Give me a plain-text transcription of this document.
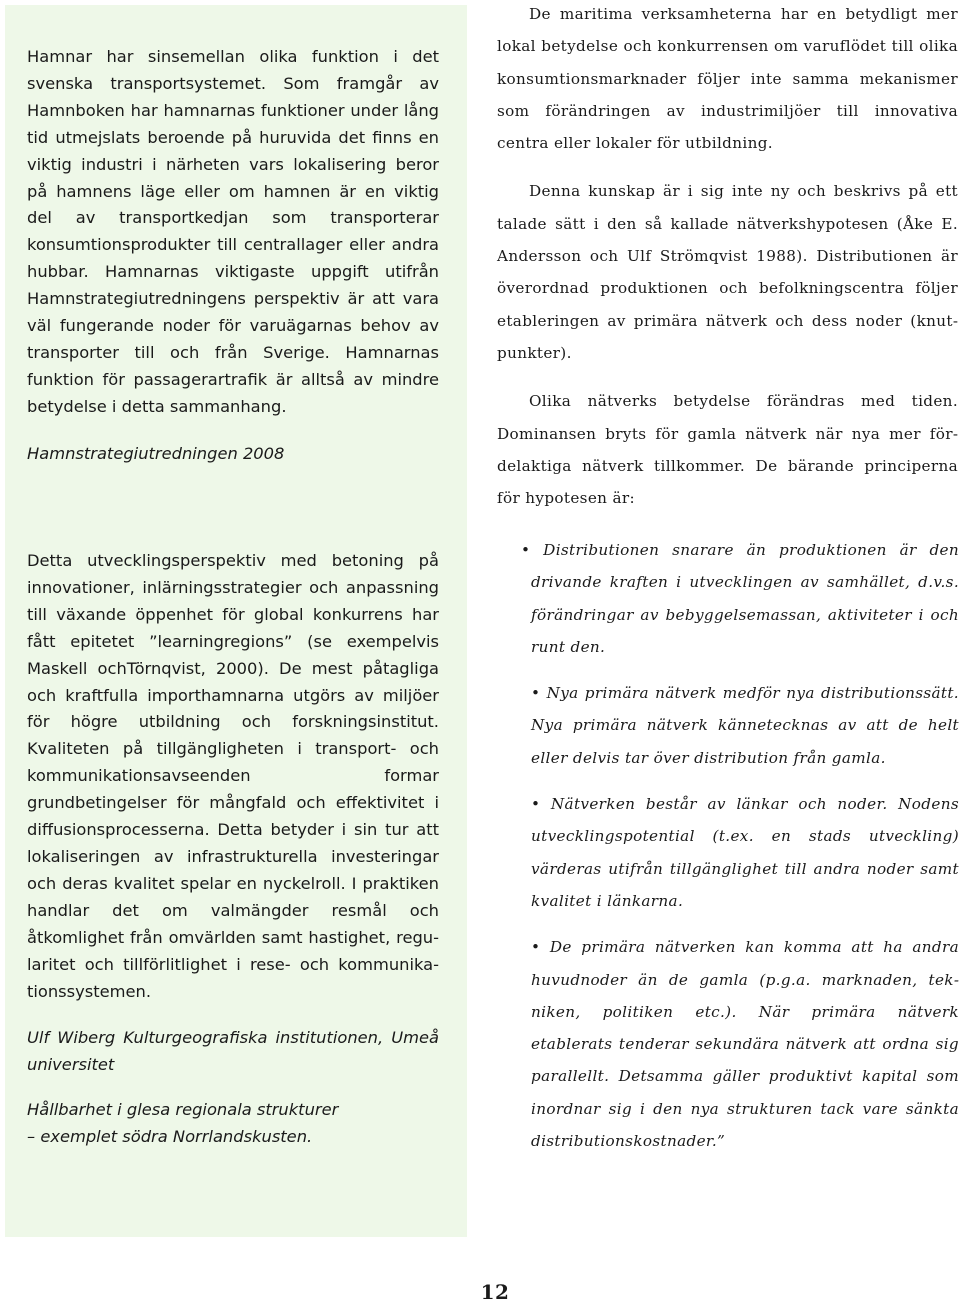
Hamnar har sinsemellan olika funktion i det svenska transportsystemet. Som framgår av Hamnboken har hamnarnas funktioner under lång tid utmejslats beroende på huruvida det finns en viktig industri i närheten vars lokalisering beror på hamnens läge eller om hamnen är en viktig del av transportkedjan som transporterar konsumtionsprodukter till centrallager eller andra hubbar. Hamnarnas viktigaste uppgift utifrån Hamnstrategiutredningens perspektiv är att vara väl fungerande noder för varuägarnas behov av transporter till och från Sverige. Hamnarnas funktion för passagerartrafik är alltså av mindre betydelse i detta sammanhang.

Hamnstrategiutredningen 2008

Detta utvecklingsperspektiv med betoning på innovationer, inlärningsstrategier och anpassning till växande öppenhet för global konkurrens har fått epitetet ”learningregions” (se exempelvis Maskell ochTörnqvist, 2000). De mest påtagliga och kraftfulla importhamnarna utgörs av miljöer för högre utbildning och forskningsinstitut. Kvaliteten på tillgängligheten i transport- och kommunikationsavseenden formar grundbetingelser för mångfald och effektivitet i diffusionsprocesserna. Detta betyder i sin tur att lokaliseringen av infrastrukturella investeringar och deras kvalitet spelar en nyckelroll. I praktiken handlar det om valmängder resmål och åtkomlighet från omvärlden samt hastighet, regularitet och tillförlitlighet i rese- och kommunikationssystemen.

Ulf Wiberg Kulturgeografiska institutionen, Umeå universitet

Hållbarhet i glesa regionala strukturer

– exemplet södra Norrlandskusten.

De maritima verksamheterna har en betydligt mer lokal betydelse och konkurrensen om varuflödet till olika konsumtionsmarknader följer inte samma mekanismer som förändringen av industrimiljöer till innovativa centra eller lokaler för utbildning.

Denna kunskap är i sig inte ny och beskrivs på ett talade sätt i den så kallade nätverkshypotesen (Åke E. Andersson och Ulf Strömqvist 1988). Distributionen är överordnad produktionen och befolkningscentra följer etableringen av primära nätverk och dess noder (knutpunkter).

Olika nätverks betydelse förändras med tiden. Dominansen bryts för gamla nätverk när nya mer fördelaktiga nätverk tillkommer. De bärande principerna för hypotesen är:

• Distributionen snarare än produktionen är den drivande kraften i utvecklingen av samhället, d.v.s. förändringar av bebyggelsemassan, aktiviteter i och runt den.

• Nya primära nätverk medför nya distributionssätt. Nya primära nätverk kännetecknas av att de helt eller delvis tar över distribution från gamla.

• Nätverken består av länkar och noder. Nodens utvecklingspotential (t.ex. en stads utveckling) värderas utifrån tillgänglighet till andra noder samt kvalitet i länkarna.

• De primära nätverken kan komma att ha andra huvudnoder än de gamla (p.g.a. marknaden, tekniken, politiken etc.). När primära nätverk etablerats tenderar sekundära nätverk att ordna sig parallellt. Detsamma gäller produktivt kapital som inordnar sig i den nya strukturen tack vare sänkta distributionskostnader.”

12
